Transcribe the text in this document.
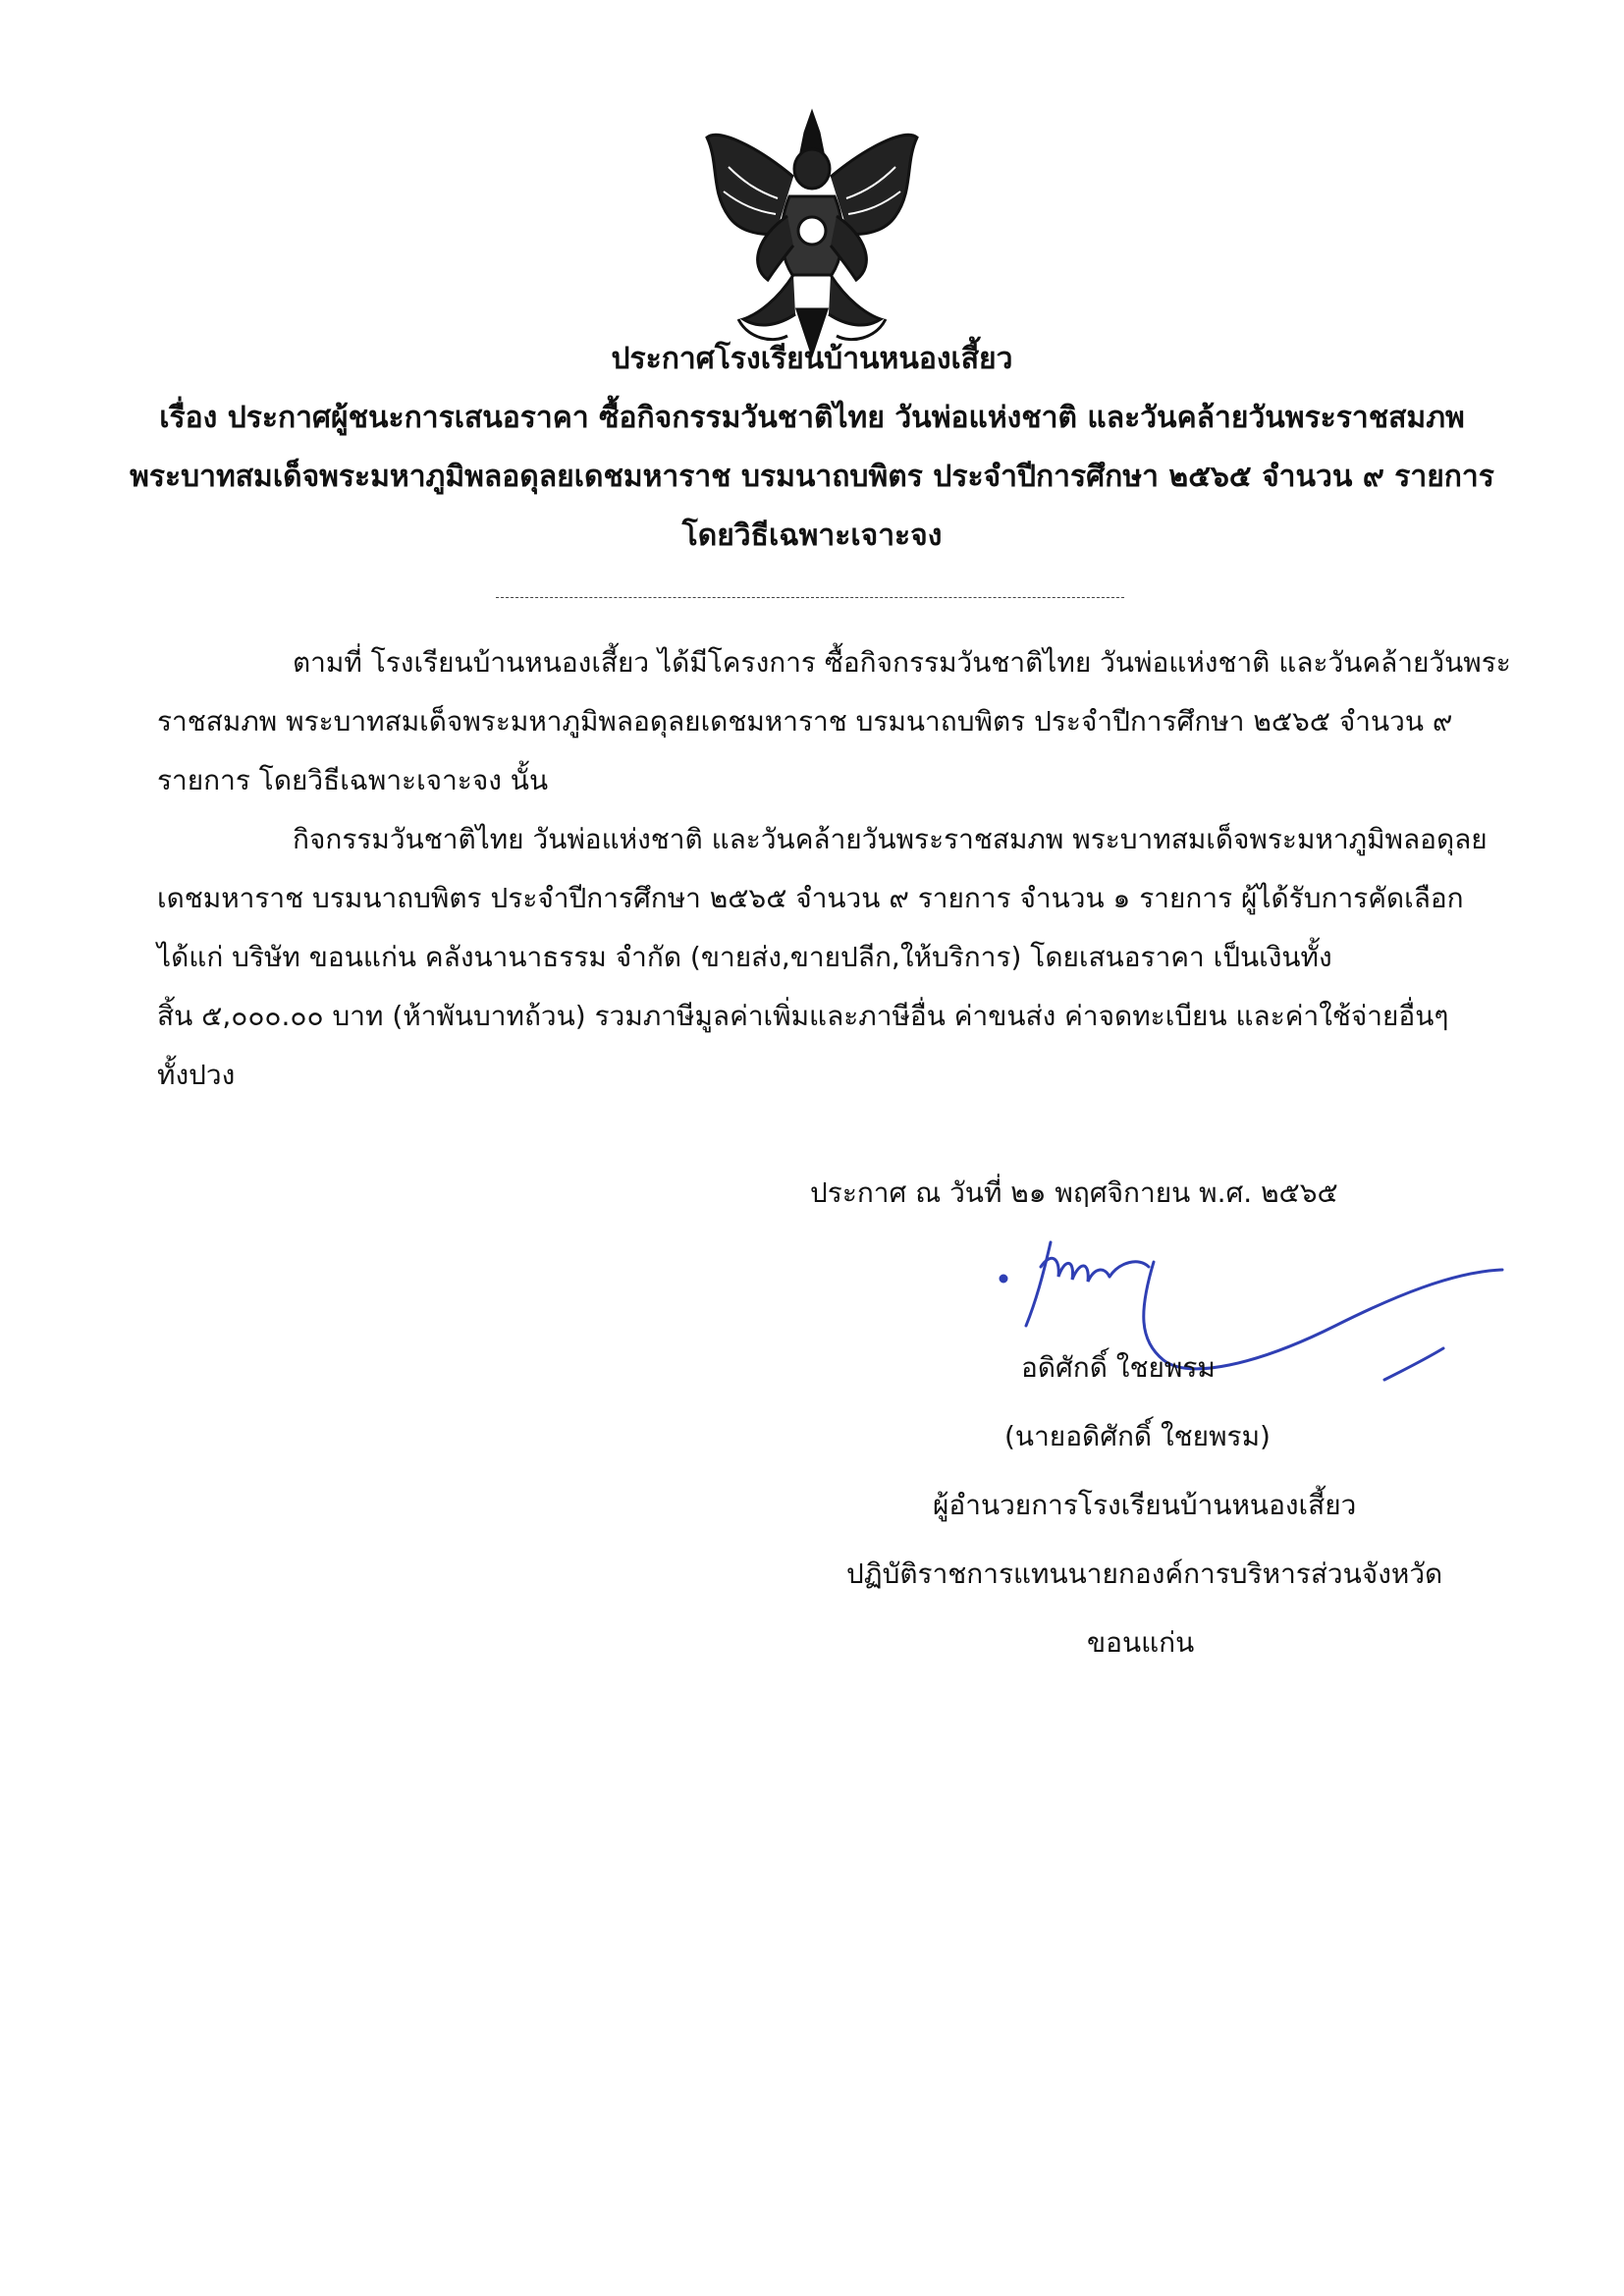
ประกาศโรงเรียนบ้านหนองเสี้ยว
เรื่อง ประกาศผู้ชนะการเสนอราคา ซื้อกิจกรรมวันชาติไทย วันพ่อแห่งชาติ และวันคล้ายวันพระราชสมภพ
พระบาทสมเด็จพระมหาภูมิพลอดุลยเดชมหาราช บรมนาถบพิตร ประจำปีการศึกษา ๒๕๖๕ จำนวน ๙ รายการ
โดยวิธีเฉพาะเจาะจง
ตามที่ โรงเรียนบ้านหนองเสี้ยว ได้มีโครงการ ซื้อกิจกรรมวันชาติไทย วันพ่อแห่งชาติ และวันคล้ายวันพระ
ราชสมภพ พระบาทสมเด็จพระมหาภูมิพลอดุลยเดชมหาราช บรมนาถบพิตร ประจำปีการศึกษา ๒๕๖๕ จำนวน ๙
รายการ โดยวิธีเฉพาะเจาะจง นั้น
กิจกรรมวันชาติไทย วันพ่อแห่งชาติ และวันคล้ายวันพระราชสมภพ พระบาทสมเด็จพระมหาภูมิพลอดุลย
เดชมหาราช บรมนาถบพิตร ประจำปีการศึกษา ๒๕๖๕ จำนวน ๙ รายการ จำนวน ๑ รายการ ผู้ได้รับการคัดเลือก
ได้แก่ บริษัท ขอนแก่น คลังนานาธรรม จำกัด (ขายส่ง,ขายปลีก,ให้บริการ) โดยเสนอราคา เป็นเงินทั้ง
สิ้น ๕,๐๐๐.๐๐ บาท (ห้าพันบาทถ้วน) รวมภาษีมูลค่าเพิ่มและภาษีอื่น ค่าขนส่ง ค่าจดทะเบียน และค่าใช้จ่ายอื่นๆ
ทั้งปวง
ประกาศ ณ วันที่ ๒๑ พฤศจิกายน พ.ศ. ๒๕๖๕
อดิศักดิ์ ใชยพรม
(นายอดิศักดิ์ ใชยพรม)
ผู้อำนวยการโรงเรียนบ้านหนองเสี้ยว
ปฏิบัติราชการแทนนายกองค์การบริหารส่วนจังหวัด
ขอนแก่น
